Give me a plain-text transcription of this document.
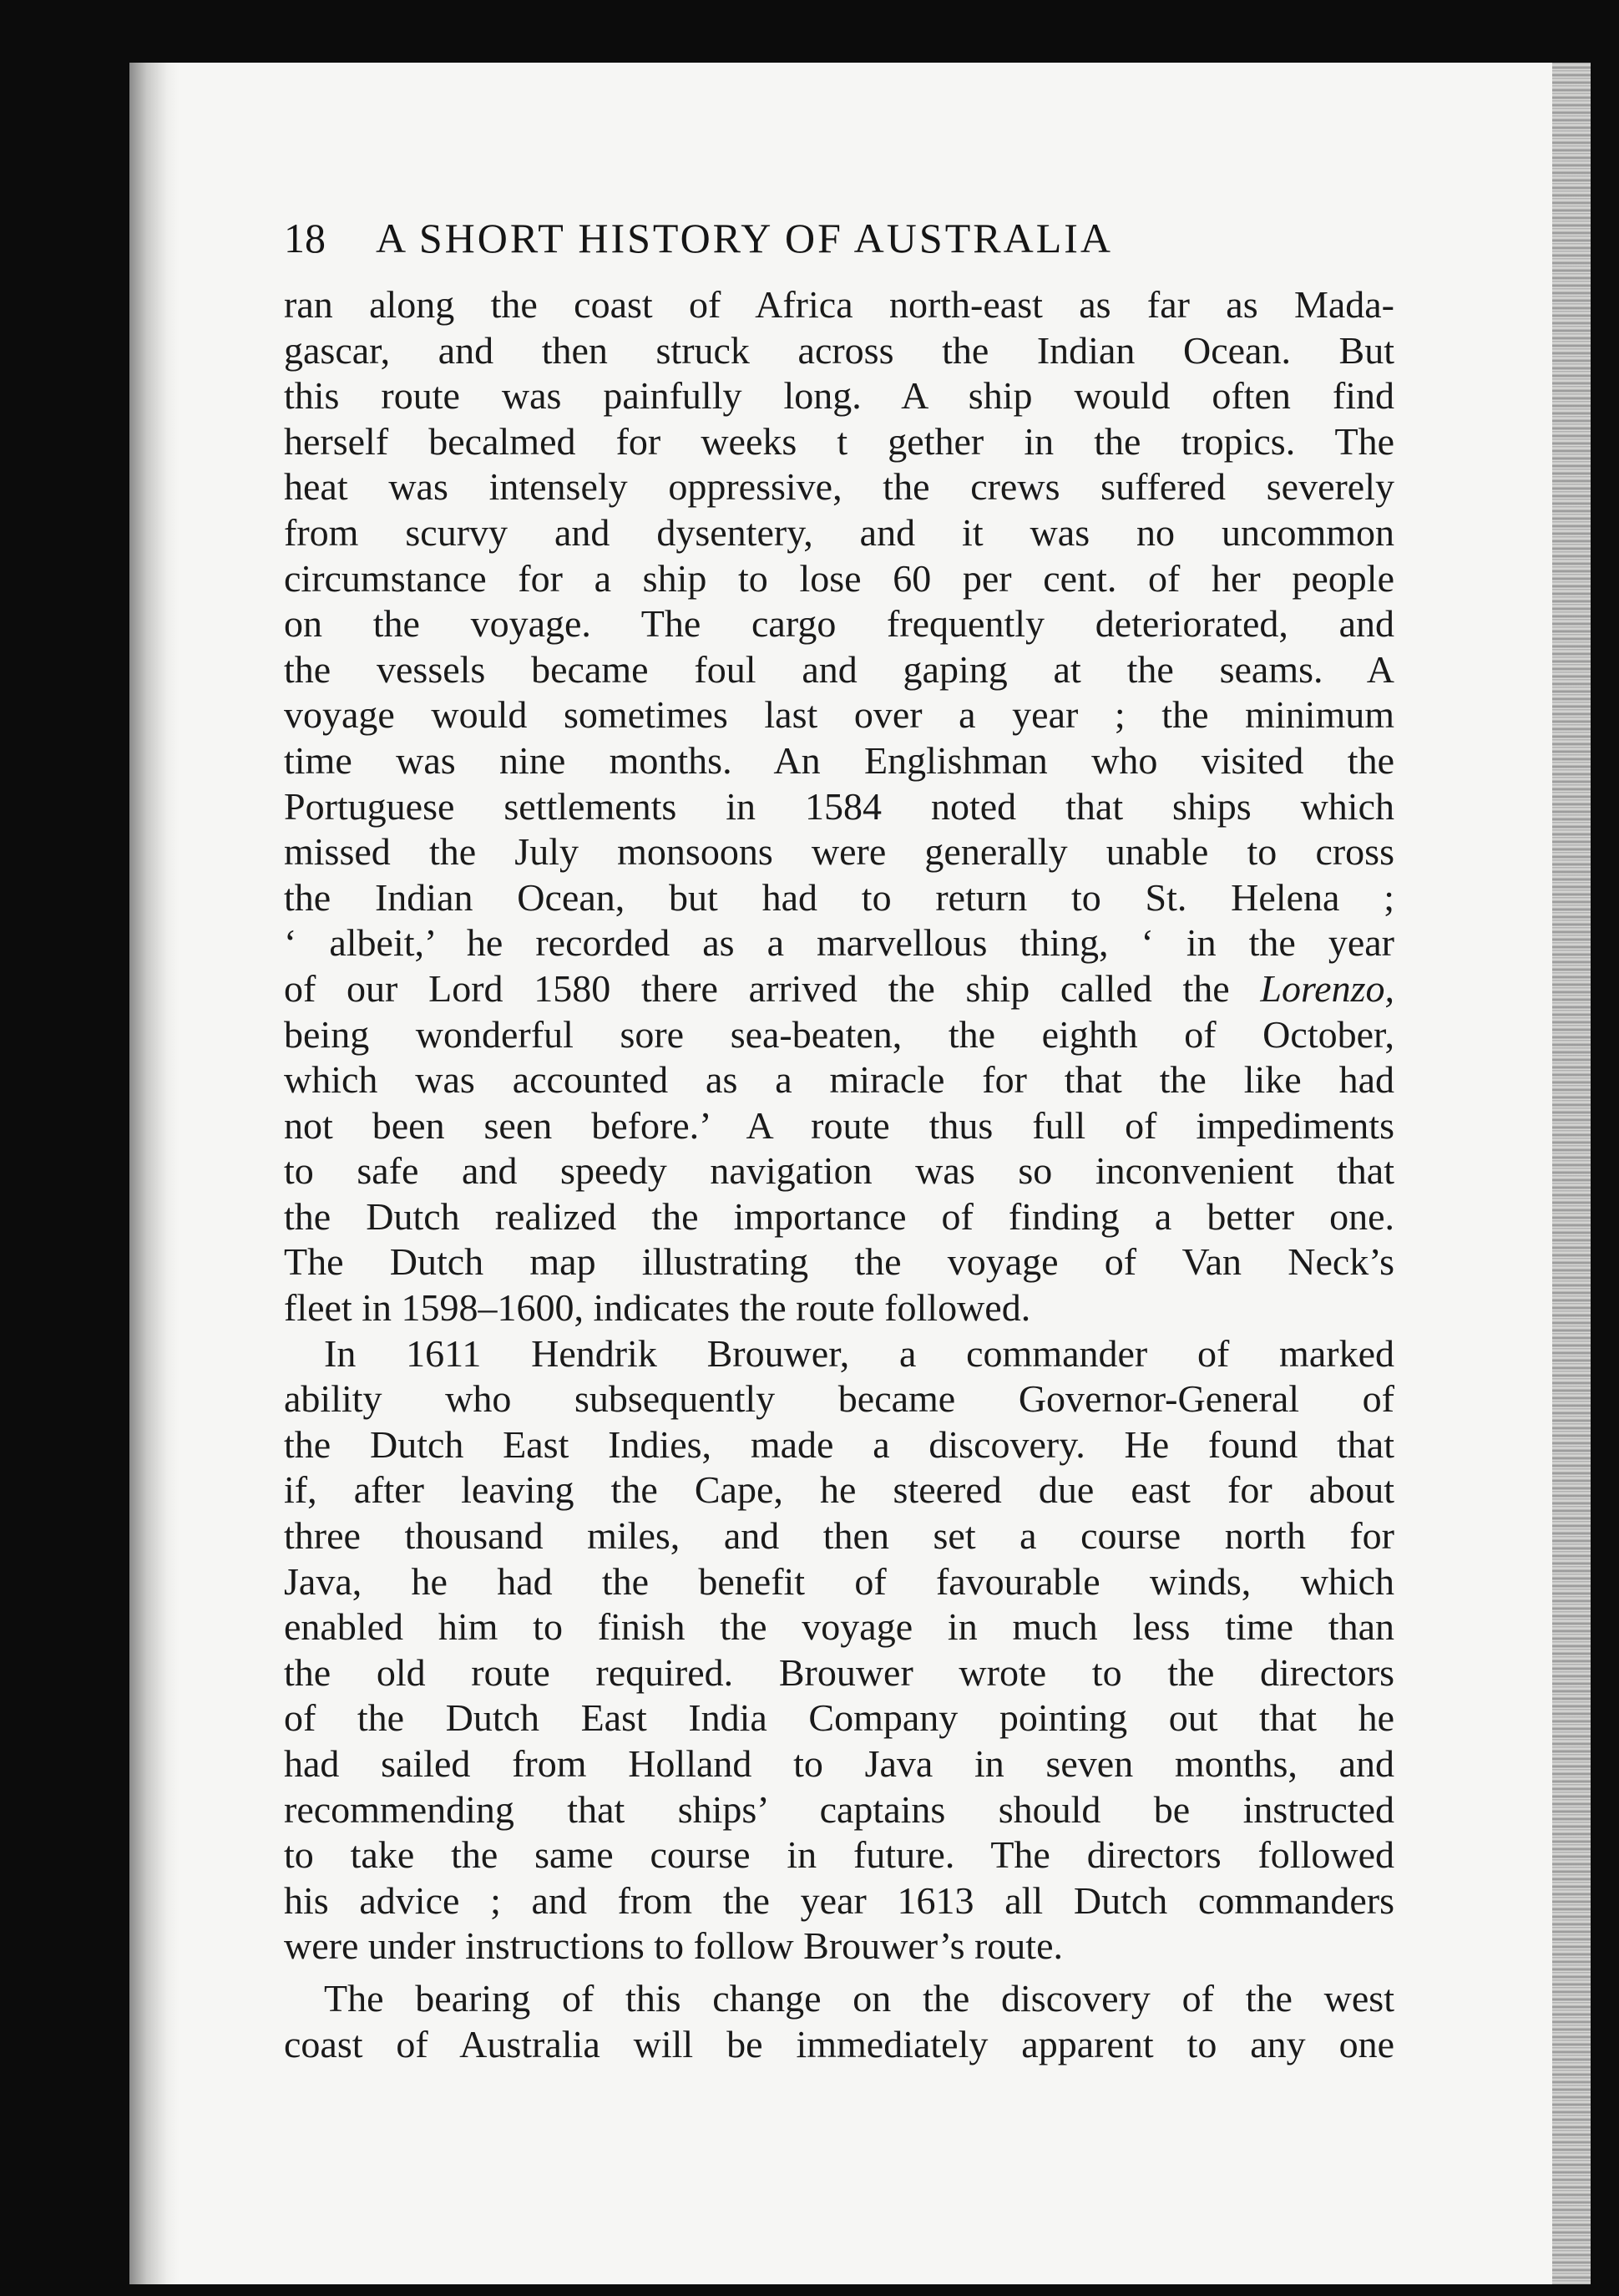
18 A SHORT HISTORY OF AUSTRALIA
ran along the coast of Africa north-east as far as Mada-
gascar, and then struck across the Indian Ocean. But
this route was painfully long. A ship would often find
herself becalmed for weeks t gether in the tropics. The
heat was intensely oppressive, the crews suffered severely
from scurvy and dysentery, and it was no uncommon
circumstance for a ship to lose 60 per cent. of her people
on the voyage. The cargo frequently deteriorated, and
the vessels became foul and gaping at the seams. A
voyage would sometimes last over a year ; the minimum
time was nine months. An Englishman who visited the
Portuguese settlements in 1584 noted that ships which
missed the July monsoons were generally unable to cross
the Indian Ocean, but had to return to St. Helena ;
‘ albeit,’ he recorded as a marvellous thing, ‘ in the year
of our Lord 1580 there arrived the ship called the Lorenzo,
being wonderful sore sea-beaten, the eighth of October,
which was accounted as a miracle for that the like had
not been seen before.’ A route thus full of impediments
to safe and speedy navigation was so inconvenient that
the Dutch realized the importance of finding a better one.
The Dutch map illustrating the voyage of Van Neck’s
fleet in 1598–1600, indicates the route followed.
In 1611 Hendrik Brouwer, a commander of marked
ability who subsequently became Governor-General of
the Dutch East Indies, made a discovery. He found that
if, after leaving the Cape, he steered due east for about
three thousand miles, and then set a course north for
Java, he had the benefit of favourable winds, which
enabled him to finish the voyage in much less time than
the old route required. Brouwer wrote to the directors
of the Dutch East India Company pointing out that he
had sailed from Holland to Java in seven months, and
recommending that ships’ captains should be instructed
to take the same course in future. The directors followed
his advice ; and from the year 1613 all Dutch commanders
were under instructions to follow Brouwer’s route.
The bearing of this change on the discovery of the west
coast of Australia will be immediately apparent to any one
